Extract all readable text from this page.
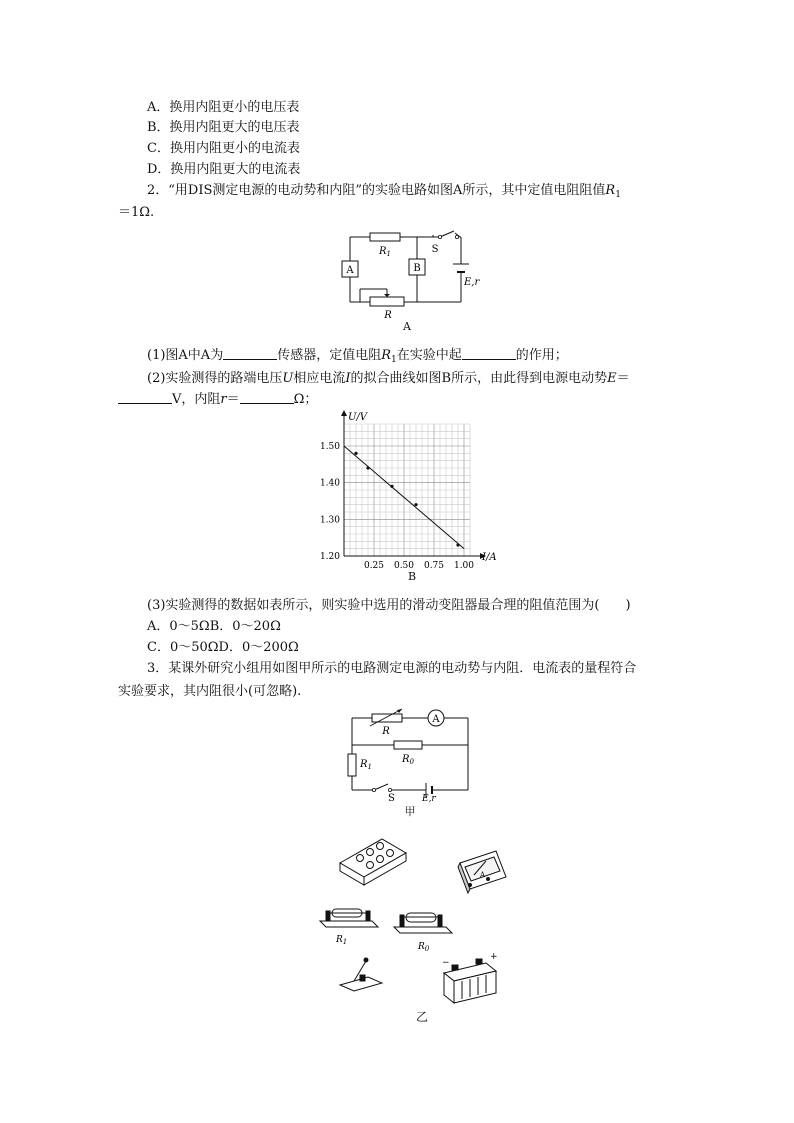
A．换用内阻更小的电压表
B．换用内阻更大的电压表
C．换用内阻更小的电流表
D．换用内阻更大的电流表
2．“用DIS测定电源的电动势和内阻”的实验电路如图A所示，其中定值电阻阻值$R_1$
＝1Ω.
$R_1$	S
A	B
E,r
R
A
(1)图A中A为	传感器，定值电阻$R_1$在实验中起	的作用；
(2)实验测得的路端电压U相应电流I的拟合曲线如图B所示，由此得到电源电动势E＝
V，内阻r＝	Ω；
1.20
1.30
1.40
1.50
0.25 0.50 0.75 1.00
U/V
I/A
B
(3)实验测得的数据如表所示，则实验中选用的滑动变阻器最合理的阻值范围为(　　)
A．0～5ΩB．0～20Ω
C．0～50ΩD．0～200Ω
3．某课外研究小组用如图甲所示的电路测定电源的电动势与内阻．电流表的量程符合
实验要求，其内阻很小(可忽略).
A
R
$R_0$
$R_1$
S	E,r
甲
A
$R_1$	$R_0$
−
+
乙
